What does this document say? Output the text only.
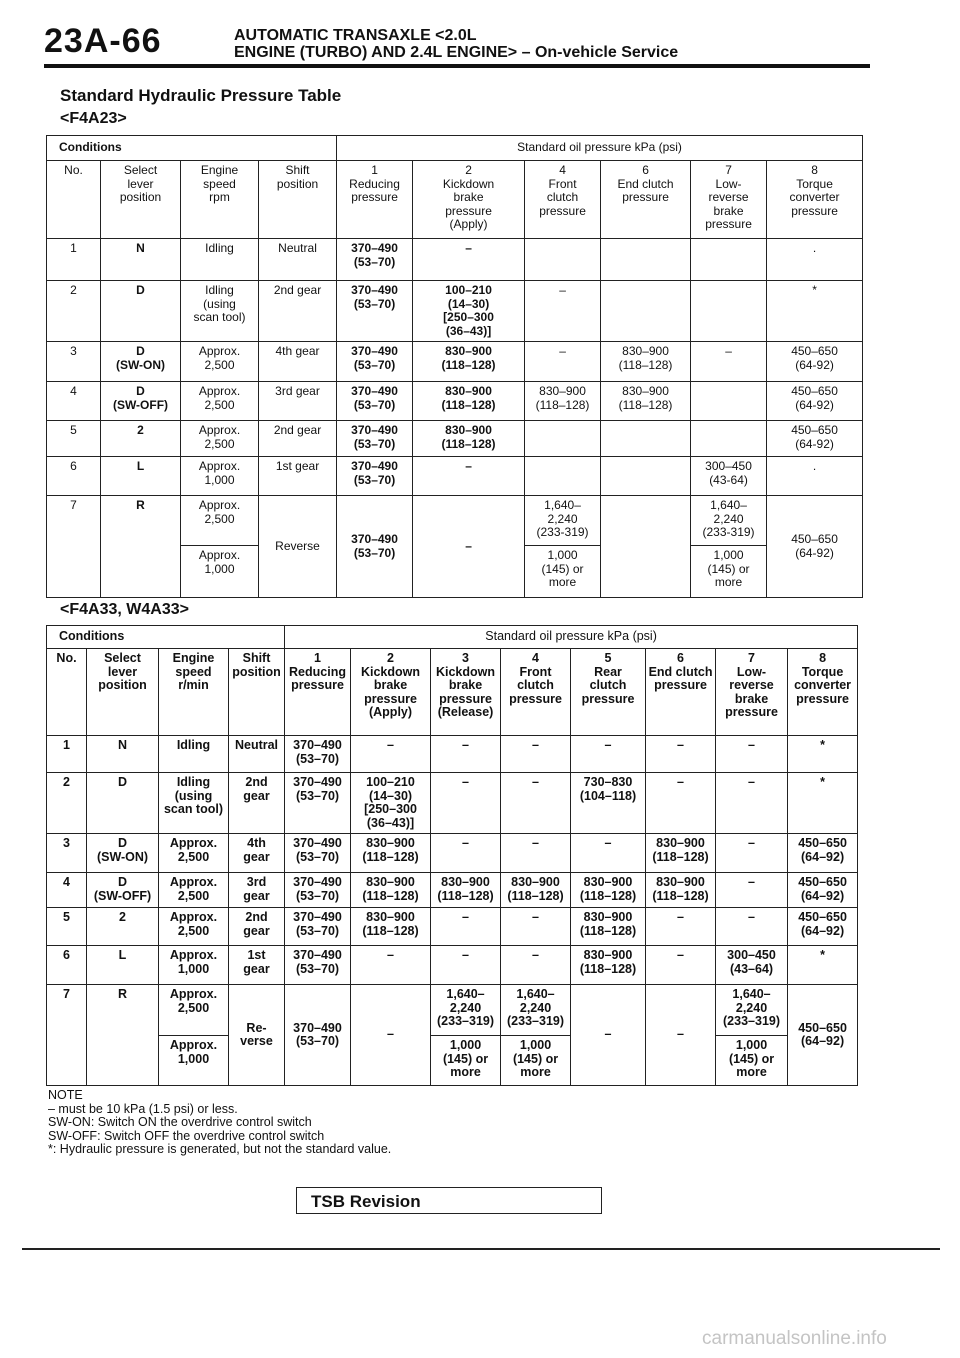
23A-66	AUTOMATIC TRANSAXLE <2.0L
ENGINE (TURBO) AND 2.4L ENGINE> – On-vehicle Service
Standard Hydraulic Pressure Table
<F4A23>
Conditions				Standard oil pressure kPa (psi)					
No.	Select
lever
position	Engine
speed
rpm	Shift
position	1
Reducing
pressure	2
Kickdown
brake
pressure
(Apply)	4
Front
clutch
pressure	6
End clutch
pressure	7
Low-
reverse
brake
pressure	8
Torque
converter
pressure
1	N	Idling	Neutral	370–490
(53–70)	–				.
2	D	Idling
(using
scan tool)	2nd gear	370–490
(53–70)	100–210
(14–30)
[250–300
(36–43)]	–			*
3	D
(SW-ON)	Approx.
2,500	4th gear	370–490
(53–70)	830–900
(118–128)	–	830–900
(118–128)	–	450–650
(64-92)
4	D
(SW-OFF)	Approx.
2,500	3rd gear	370–490
(53–70)	830–900
(118–128)	830–900
(118–128)	830–900
(118–128)		450–650
(64-92)
5	2	Approx.
2,500	2nd gear	370–490
(53–70)	830–900
(118–128)				450–650
(64-92)
6	L	Approx.
1,000	1st gear	370–490
(53–70)	–			300–450
(43-64)	.
7	R	Approx.
2,500	Reverse	370–490
(53–70)	–	1,640–
2,240
(233-319)		1,640–
2,240
(233-319)	450–650
(64-92)
		Approx.
1,000				1,000
(145) or
more		1,000
(145) or
more	
<F4A33, W4A33>
Conditions				Standard oil pressure kPa (psi)							
No.	Select
lever
position	Engine
speed
r/min	Shift
position	1
Reducing
pressure	2
Kickdown
brake
pressure
(Apply)	3
Kickdown
brake
pressure
(Release)	4
Front
clutch
pressure	5
Rear
clutch
pressure	6
End clutch
pressure	7
Low-
reverse
brake
pressure	8
Torque
converter
pressure
1	N	Idling	Neutral	370–490
(53–70)	–	–	–	–	–	–	*
2	D	Idling
(using
scan tool)	2nd
gear	370–490
(53–70)	100–210
(14–30)
[250–300
(36–43)]	–	–	730–830
(104–118)	–	–	*
3	D
(SW-ON)	Approx.
2,500	4th
gear	370–490
(53–70)	830–900
(118–128)	–	–	–	830–900
(118–128)	–	450–650
(64–92)
4	D
(SW-OFF)	Approx.
2,500	3rd
gear	370–490
(53–70)	830–900
(118–128)	830–900
(118–128)	830–900
(118–128)	830–900
(118–128)	830–900
(118–128)	–	450–650
(64–92)
5	2	Approx.
2,500	2nd
gear	370–490
(53–70)	830–900
(118–128)	–	–	830–900
(118–128)	–	–	450–650
(64–92)
6	L	Approx.
1,000	1st
gear	370–490
(53–70)	–	–	–	830–900
(118–128)	–	300–450
(43–64)	*
7	R	Approx.
2,500	Re-
verse	370–490
(53–70)	–	1,640–
2,240
(233–319)	1,640–
2,240
(233–319)	–	–	1,640–
2,240
(233–319)	450–650
(64–92)
		Approx.
1,000				1,000
(145) or
more	1,000
(145) or
more			1,000
(145) or
more	
NOTE
– must be 10 kPa (1.5 psi) or less.
SW-ON: Switch ON the overdrive control switch
SW-OFF: Switch OFF the overdrive control switch
*: Hydraulic pressure is generated, but not the standard value.
TSB Revision
carmanualsonline.info
